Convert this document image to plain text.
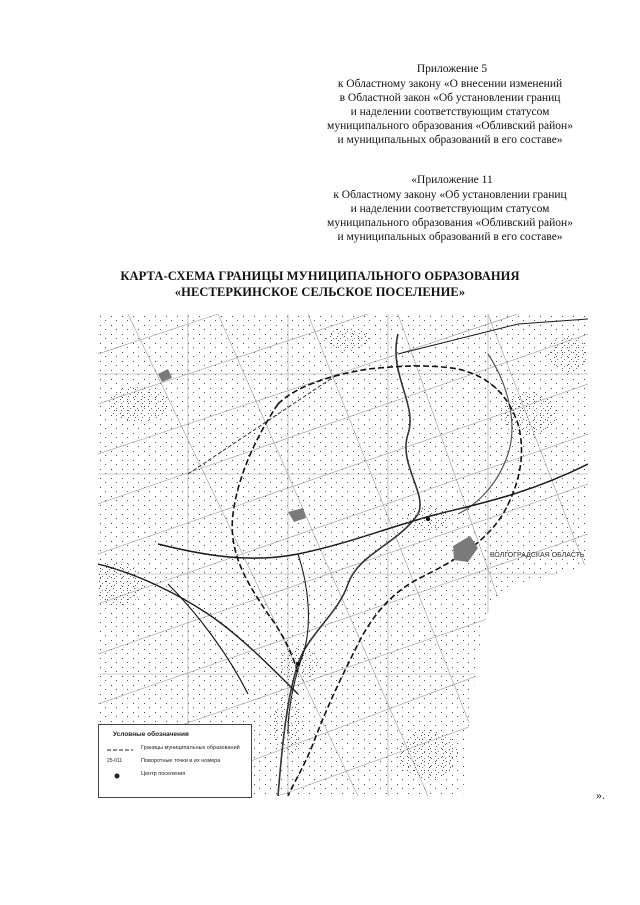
Приложение 5
к Областному закону «О внесении изменений
в Областной закон «Об установлении границ
и наделении соответствующим статусом
муниципального образования «Обливский район»
и муниципальных образований в его составе»
«Приложение 11
к Областному закону «Об установлении границ
и наделении соответствующим статусом
муниципального образования «Обливский район»
и муниципальных образований в его составе»
КАРТА-СХЕМА ГРАНИЦЫ МУНИЦИПАЛЬНОГО ОБРАЗОВАНИЯ
«НЕСТЕРКИНСКОЕ СЕЛЬСКОЕ ПОСЕЛЕНИЕ»
ВОЛГОГРАДСКАЯ ОБЛАСТЬ
Условные обозначения
Границы муниципальных образований
25-011	Поворотные точки и их номера
Центр поселения
».
